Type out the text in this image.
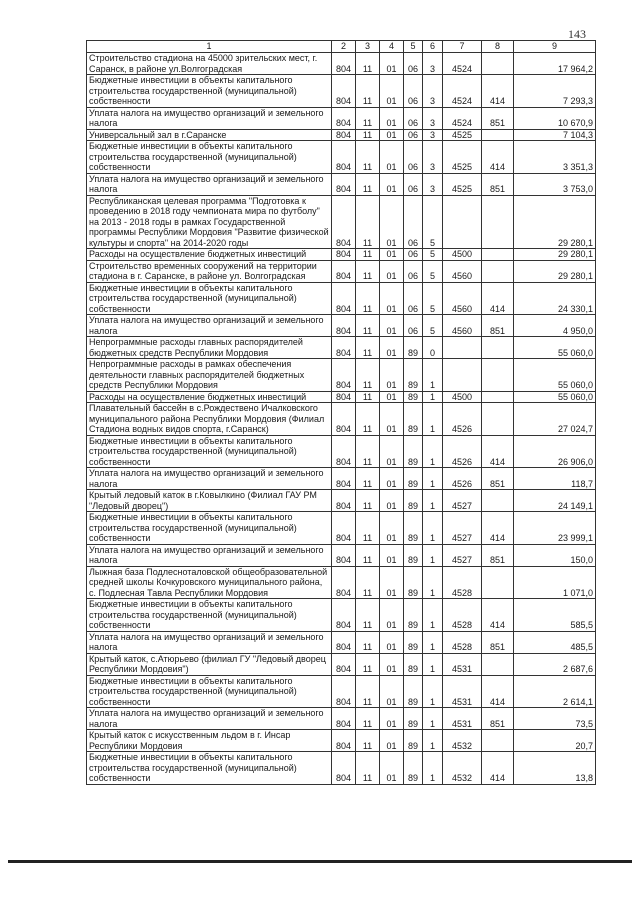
143
1	2	3	4	5	6	7	8	9
Строительство стадиона на 45000 зрительских мест, г. Саранск, в районе ул.Волгоградская	804	11	01	06	3	4524		17 964,2
Бюджетные инвестиции в объекты капитального строительства государственной (муниципальной) собственности	804	11	01	06	3	4524	414	7 293,3
Уплата налога на имущество организаций и земельного налога	804	11	01	06	3	4524	851	10 670,9
Универсальный зал в г.Саранске	804	11	01	06	3	4525		7 104,3
Бюджетные инвестиции в объекты капитального строительства государственной (муниципальной) собственности	804	11	01	06	3	4525	414	3 351,3
Уплата налога на имущество организаций и земельного налога	804	11	01	06	3	4525	851	3 753,0
Республиканская целевая программа "Подготовка к проведению в 2018 году чемпионата мира по футболу" на 2013 - 2018 годы в рамках Государственной программы Республики Мордовия "Развитие физической культуры и спорта" на 2014-2020 годы	804	11	01	06	5			29 280,1
Расходы на осуществление бюджетных инвестиций	804	11	01	06	5	4500		29 280,1
Строительство временных сооружений на территории стадиона в г. Саранске, в районе ул. Волгоградская	804	11	01	06	5	4560		29 280,1
Бюджетные инвестиции в объекты капитального строительства государственной (муниципальной) собственности	804	11	01	06	5	4560	414	24 330,1
Уплата налога на имущество организаций и земельного налога	804	11	01	06	5	4560	851	4 950,0
Непрограммные расходы главных распорядителей бюджетных средств Республики Мордовия	804	11	01	89	0			55 060,0
Непрограммные расходы в рамках обеспечения деятельности главных распорядителей бюджетных средств Республики Мордовия	804	11	01	89	1			55 060,0
Расходы на осуществление бюджетных инвестиций	804	11	01	89	1	4500		55 060,0
Плавательный бассейн в с.Рождествено Ичалковского муниципального района Республики Мордовия (Филиал Стадиона водных видов спорта, г.Саранск)	804	11	01	89	1	4526		27 024,7
Бюджетные инвестиции в объекты капитального строительства государственной (муниципальной) собственности	804	11	01	89	1	4526	414	26 906,0
Уплата налога на имущество организаций и земельного налога	804	11	01	89	1	4526	851	118,7
Крытый ледовый каток в г.Ковылкино (Филиал ГАУ РМ "Ледовый дворец")	804	11	01	89	1	4527		24 149,1
Бюджетные инвестиции в объекты капитального строительства государственной (муниципальной) собственности	804	11	01	89	1	4527	414	23 999,1
Уплата налога на имущество организаций и земельного налога	804	11	01	89	1	4527	851	150,0
Лыжная база Подлесноталовской общеобразовательной средней школы Кочкуровского муниципального района, с. Подлесная Тавла Республики Мордовия	804	11	01	89	1	4528		1 071,0
Бюджетные инвестиции в объекты капитального строительства государственной (муниципальной) собственности	804	11	01	89	1	4528	414	585,5
Уплата налога на имущество организаций и земельного налога	804	11	01	89	1	4528	851	485,5
Крытый каток, с.Атюрьево (филиал ГУ "Ледовый дворец Республики Мордовия")	804	11	01	89	1	4531		2 687,6
Бюджетные инвестиции в объекты капитального строительства государственной (муниципальной) собственности	804	11	01	89	1	4531	414	2 614,1
Уплата налога на имущество организаций и земельного налога	804	11	01	89	1	4531	851	73,5
Крытый каток с искусственным льдом в г. Инсар Республики Мордовия	804	11	01	89	1	4532		20,7
Бюджетные инвестиции в объекты капитального строительства государственной (муниципальной) собственности	804	11	01	89	1	4532	414	13,8
